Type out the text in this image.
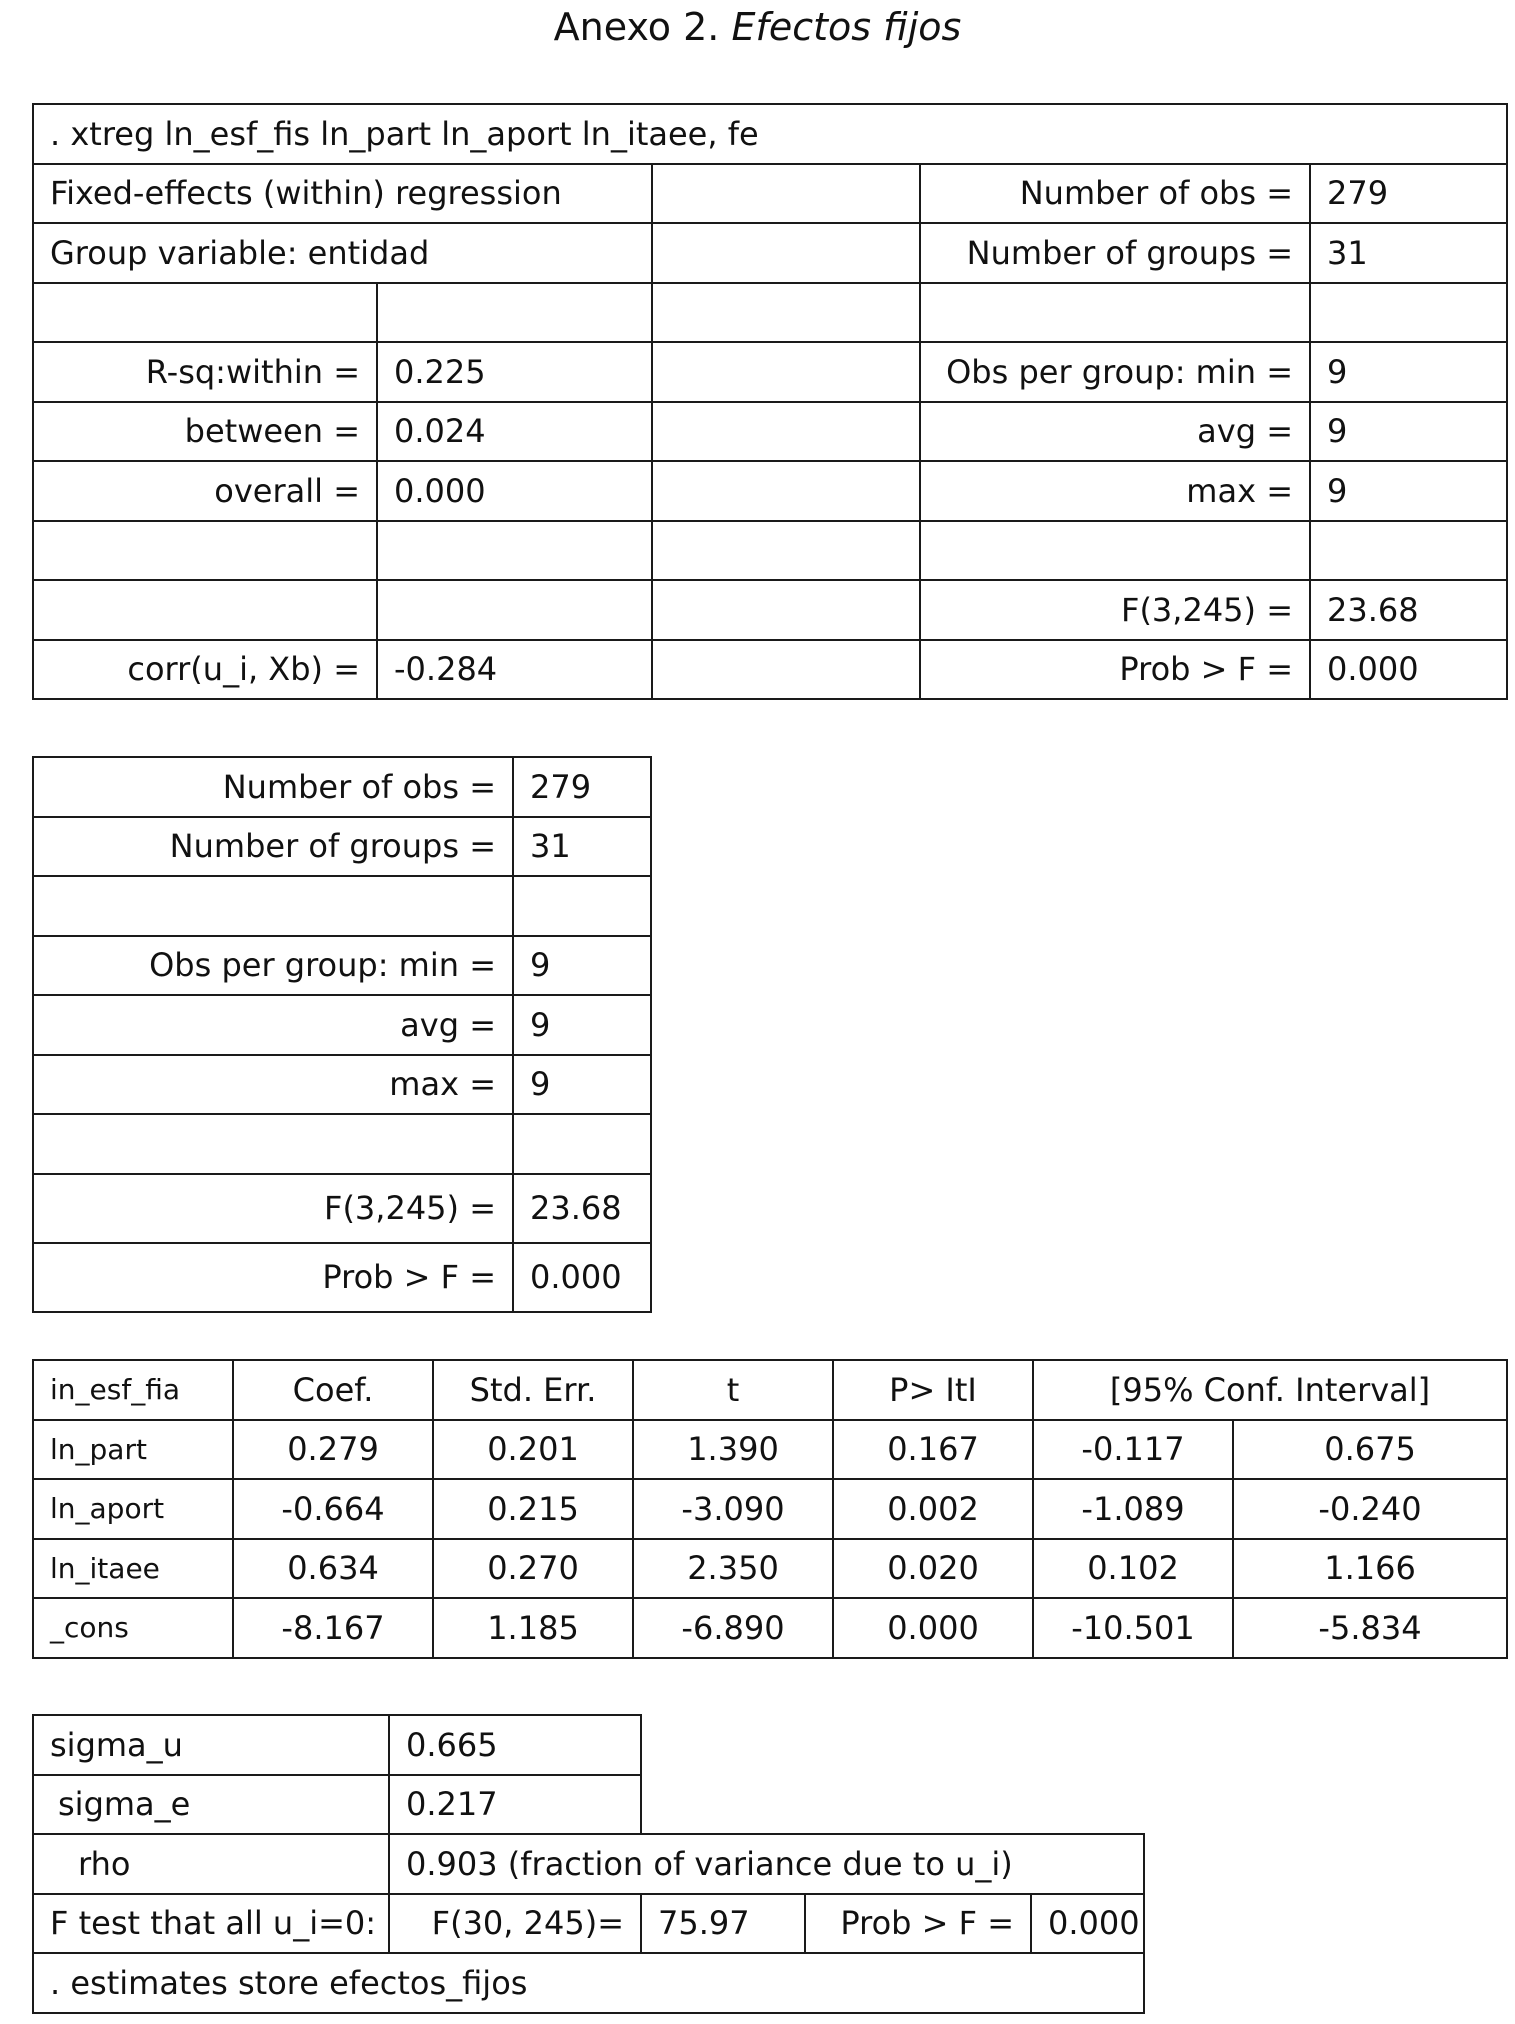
Anexo 2. Efectos fijos
. xtreg ln_esf_fis ln_part ln_aport ln_itaee, fe				
Fixed-effects (within) regression			Number of obs =	279
Group variable: entidad			Number of groups =	31

R-sq:within =	0.225		Obs per group: min =	9
between =	0.024		avg =	9
overall =	0.000		max =	9

			F(3,245) =	23.68
corr(u_i, Xb) =	-0.284		Prob > F =	0.000
Number of obs =	279
Number of groups =	31

Obs per group: min =	9
avg =	9
max =	9

F(3,245) =	23.68
Prob > F =	0.000
in_esf_fia	Coef.	Std. Err.	t	P> ItI	[95% Conf. Interval]	
ln_part	0.279	0.201	1.390	0.167	-0.117	0.675
ln_aport	-0.664	0.215	-3.090	0.002	-1.089	-0.240
ln_itaee	0.634	0.270	2.350	0.020	0.102	1.166
_cons	-8.167	1.185	-6.890	0.000	-10.501	-5.834
sigma_u	0.665			
sigma_e	0.217			
rho	0.903 (fraction of variance due to u_i)			
F test that all u_i=0:	F(30, 245)=	75.97	Prob > F =	0.000
. estimates store efectos_fijos				
